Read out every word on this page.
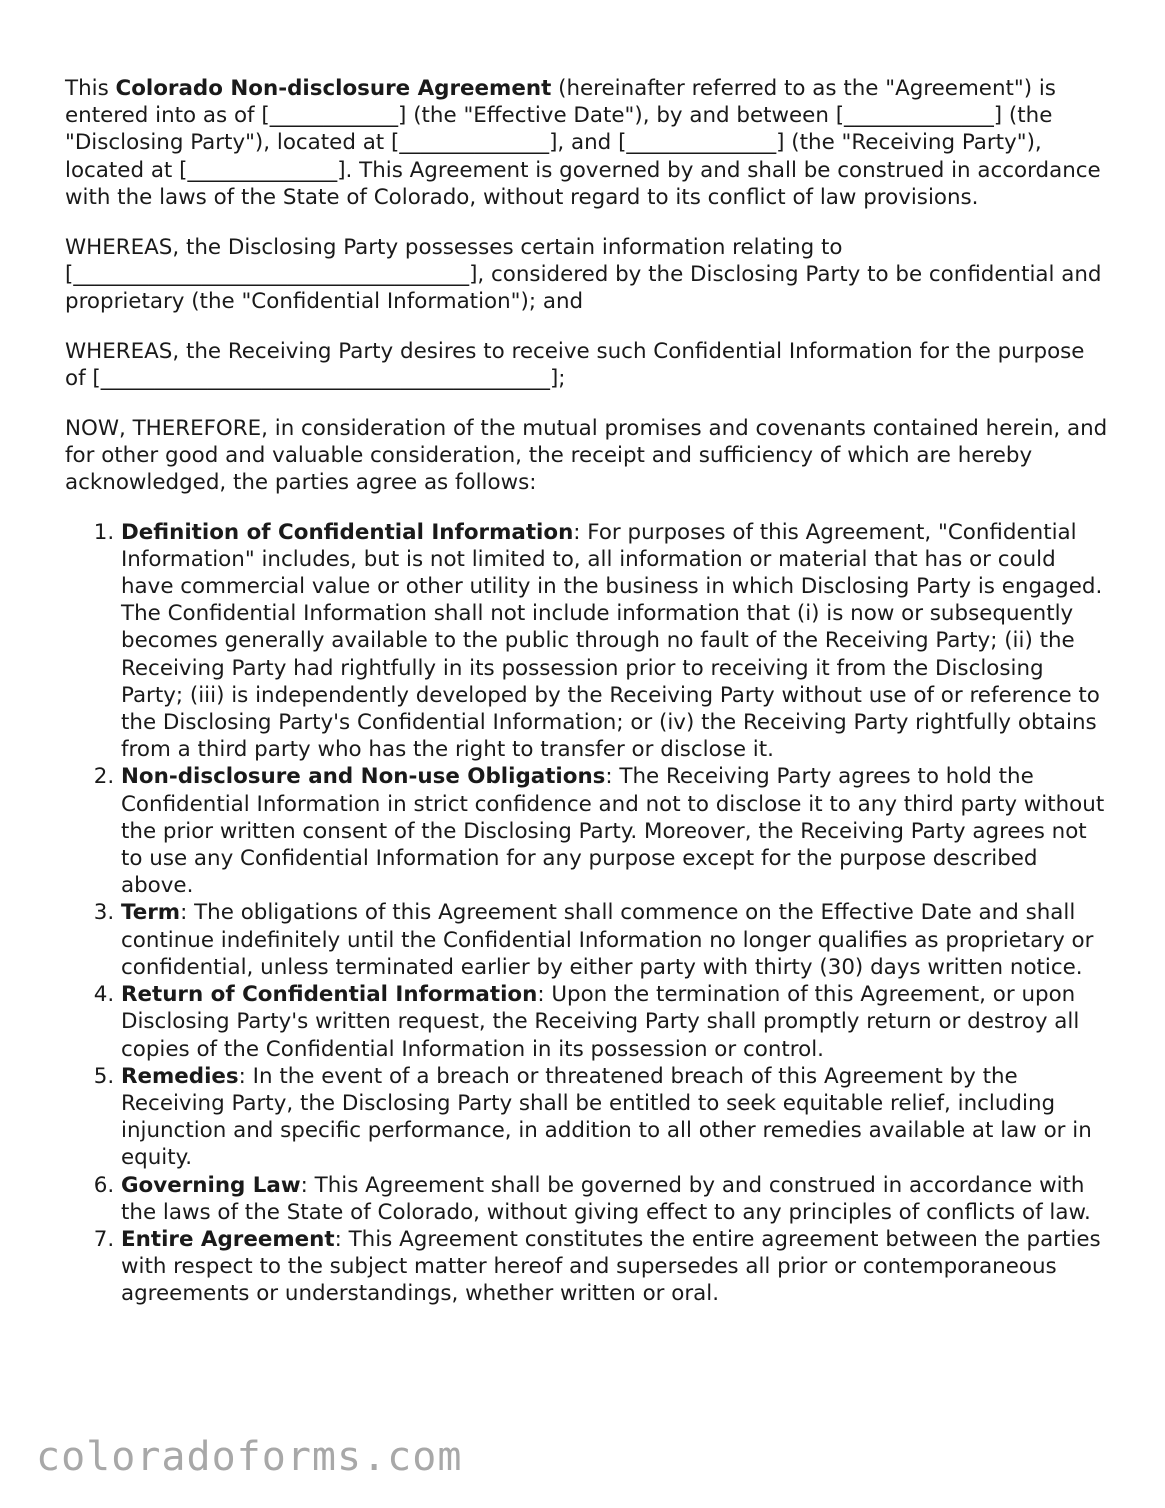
This Colorado Non-disclosure Agreement (hereinafter referred to as the "Agreement") is entered into as of [____________] (the "Effective Date"), by and between [______________] (the "Disclosing Party"), located at [______________], and [______________] (the "Receiving Party"), located at [______________]. This Agreement is governed by and shall be construed in accordance with the laws of the State of Colorado, without regard to its conflict of law provisions.

WHEREAS, the Disclosing Party possesses certain information relating to [_____________________________________], considered by the Disclosing Party to be confidential and proprietary (the "Confidential Information"); and

WHEREAS, the Receiving Party desires to receive such Confidential Information for the purpose of [__________________________________________];

NOW, THEREFORE, in consideration of the mutual promises and covenants contained herein, and for other good and valuable consideration, the receipt and sufficiency of which are hereby acknowledged, the parties agree as follows:

1. Definition of Confidential Information: For purposes of this Agreement, "Confidential Information" includes, but is not limited to, all information or material that has or could have commercial value or other utility in the business in which Disclosing Party is engaged. The Confidential Information shall not include information that (i) is now or subsequently becomes generally available to the public through no fault of the Receiving Party; (ii) the Receiving Party had rightfully in its possession prior to receiving it from the Disclosing Party; (iii) is independently developed by the Receiving Party without use of or reference to the Disclosing Party's Confidential Information; or (iv) the Receiving Party rightfully obtains from a third party who has the right to transfer or disclose it.
2. Non-disclosure and Non-use Obligations: The Receiving Party agrees to hold the Confidential Information in strict confidence and not to disclose it to any third party without the prior written consent of the Disclosing Party. Moreover, the Receiving Party agrees not to use any Confidential Information for any purpose except for the purpose described above.
3. Term: The obligations of this Agreement shall commence on the Effective Date and shall continue indefinitely until the Confidential Information no longer qualifies as proprietary or confidential, unless terminated earlier by either party with thirty (30) days written notice.
4. Return of Confidential Information: Upon the termination of this Agreement, or upon Disclosing Party's written request, the Receiving Party shall promptly return or destroy all copies of the Confidential Information in its possession or control.
5. Remedies: In the event of a breach or threatened breach of this Agreement by the Receiving Party, the Disclosing Party shall be entitled to seek equitable relief, including injunction and specific performance, in addition to all other remedies available at law or in equity.
6. Governing Law: This Agreement shall be governed by and construed in accordance with the laws of the State of Colorado, without giving effect to any principles of conflicts of law.
7. Entire Agreement: This Agreement constitutes the entire agreement between the parties with respect to the subject matter hereof and supersedes all prior or contemporaneous agreements or understandings, whether written or oral.
coloradoforms.com
